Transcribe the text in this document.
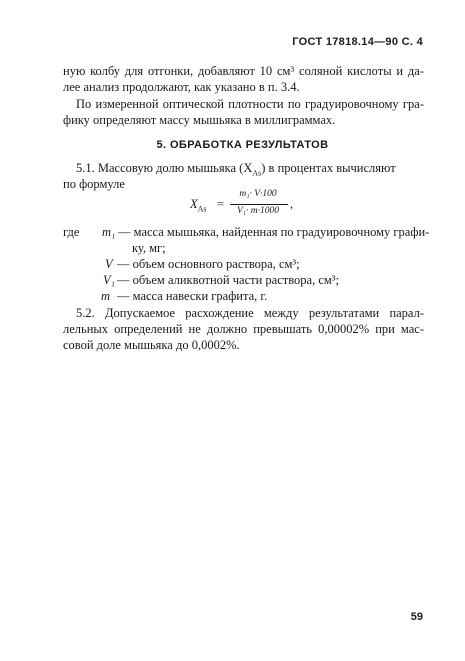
ГОСТ 17818.14—90 С. 4
ную колбу для отгонки, добавляют 10 см³ соляной кислоты и да-
лее анализ продолжают, как указано в п. 3.4.
По измеренной оптической плотности по градуировочному гра-
фику определяют массу мышьяка в миллиграммах.
5. ОБРАБОТКА РЕЗУЛЬТАТОВ
5.1. Массовую долю мышьяка $(X_{As})$ в процентах вычисляют
по формуле
$X_{As}$ =
m₁· V·100
V₁· m·1000 ,
где m₁ — масса мышьяка, найденная по градуировочному графи-
ку, мг;
V — объем основного раствора, см³;
V₁ — объем аликвотной части раствора, см³;
m — масса навески графита, г.
5.2. Допускаемое расхождение между результатами парал-
лельных определений не должно превышать 0,00002% при мас-
совой доле мышьяка до 0,0002%.
59
